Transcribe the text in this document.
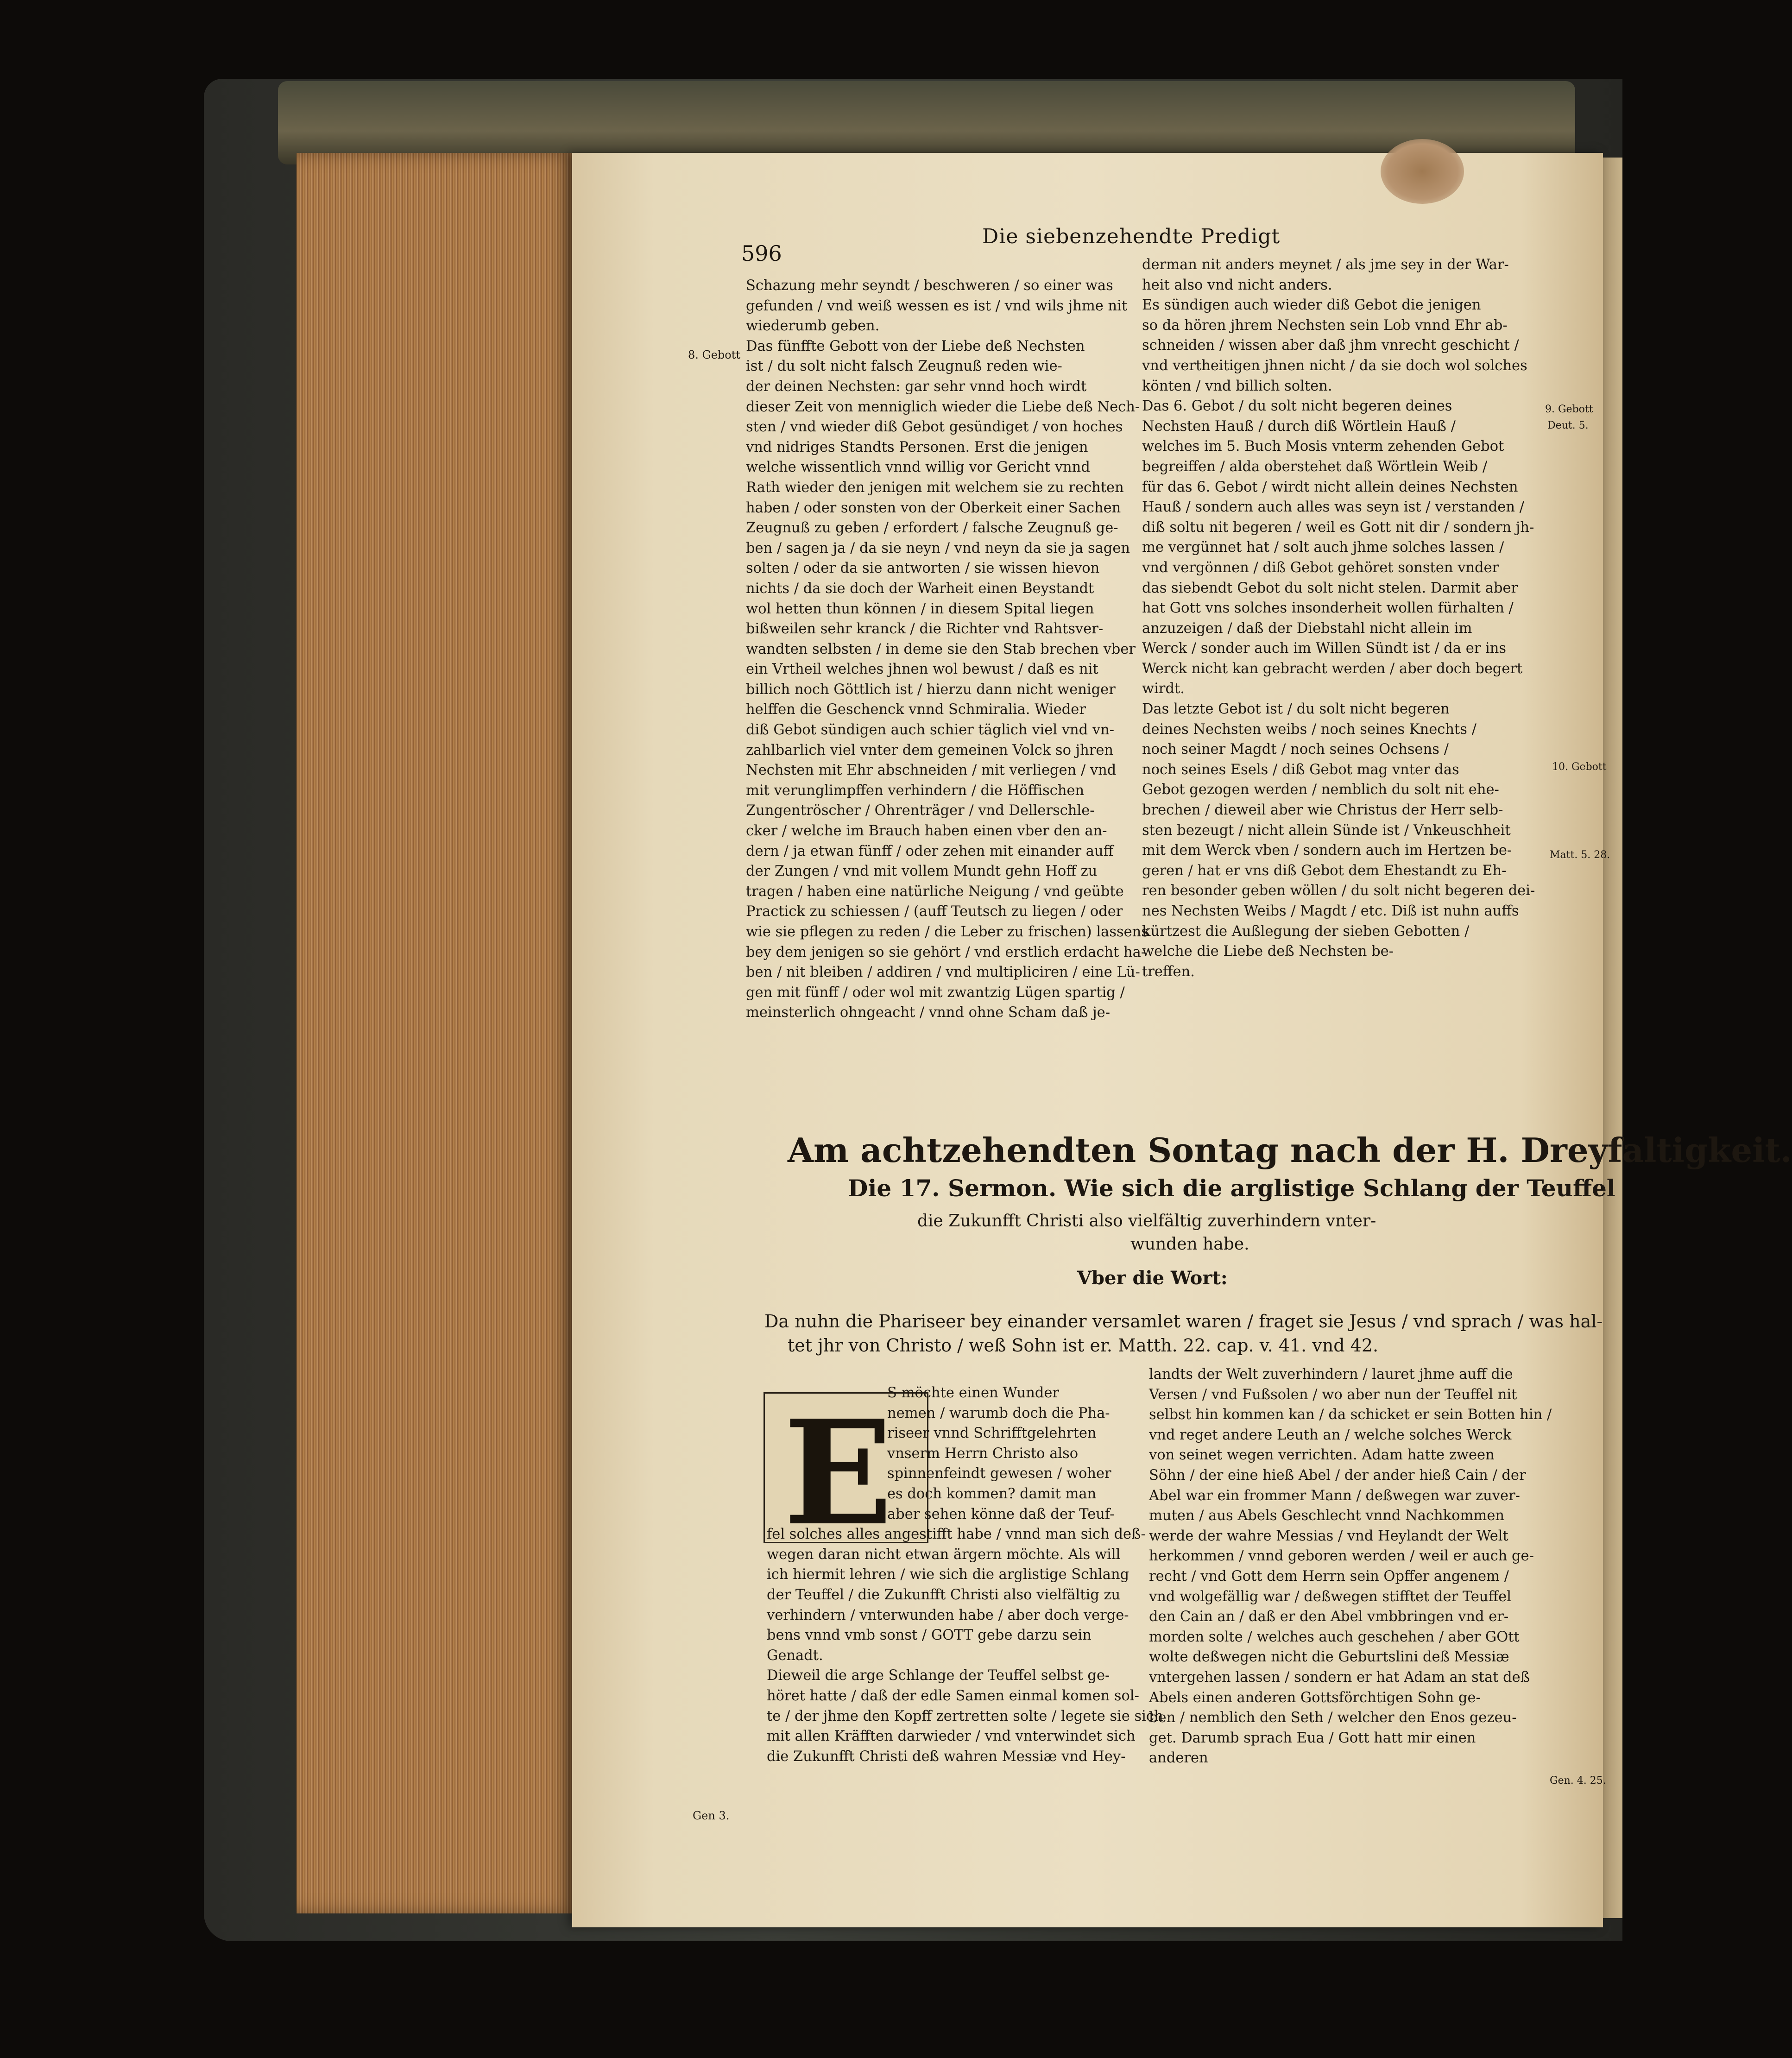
596
Die siebenzehendte Predigt
8. Gebott
Gen 3.
9. Gebott
Deut. 5.
10. Gebott
Matt. 5. 28.
Gen. 4. 25.
Schazung mehr seyndt / beschweren / so einer was
gefunden / vnd weiß wessen es ist / vnd wils jhme nit
wiederumb geben.
Das fünffte Gebott von der Liebe deß Nechsten
ist / du solt nicht falsch Zeugnuß reden wie-
der deinen Nechsten: gar sehr vnnd hoch wirdt
dieser Zeit von menniglich wieder die Liebe deß Nech-
sten / vnd wieder diß Gebot gesündiget / von hoches
vnd nidriges Standts Personen. Erst die jenigen
welche wissentlich vnnd willig vor Gericht vnnd
Rath wieder den jenigen mit welchem sie zu rechten
haben / oder sonsten von der Oberkeit einer Sachen
Zeugnuß zu geben / erfordert / falsche Zeugnuß ge-
ben / sagen ja / da sie neyn / vnd neyn da sie ja sagen
solten / oder da sie antworten / sie wissen hievon
nichts / da sie doch der Warheit einen Beystandt
wol hetten thun können / in diesem Spital liegen
bißweilen sehr kranck / die Richter vnd Rahtsver-
wandten selbsten / in deme sie den Stab brechen vber
ein Vrtheil welches jhnen wol bewust / daß es nit
billich noch Göttlich ist / hierzu dann nicht weniger
helffen die Geschenck vnnd Schmiralia. Wieder
diß Gebot sündigen auch schier täglich viel vnd vn-
zahlbarlich viel vnter dem gemeinen Volck so jhren
Nechsten mit Ehr abschneiden / mit verliegen / vnd
mit verunglimpffen verhindern / die Höffischen
Zungentröscher / Ohrenträger / vnd Dellerschle-
cker / welche im Brauch haben einen vber den an-
dern / ja etwan fünff / oder zehen mit einander auff
der Zungen / vnd mit vollem Mundt gehn Hoff zu
tragen / haben eine natürliche Neigung / vnd geübte
Practick zu schiessen / (auff Teutsch zu liegen / oder
wie sie pflegen zu reden / die Leber zu frischen) lassens
bey dem jenigen so sie gehört / vnd erstlich erdacht ha-
ben / nit bleiben / addiren / vnd multipliciren / eine Lü-
gen mit fünff / oder wol mit zwantzig Lügen spartig /
meinsterlich ohngeacht / vnnd ohne Scham daß je-
derman nit anders meynet / als jme sey in der War-
heit also vnd nicht anders.
Es sündigen auch wieder diß Gebot die jenigen
so da hören jhrem Nechsten sein Lob vnnd Ehr ab-
schneiden / wissen aber daß jhm vnrecht geschicht /
vnd vertheitigen jhnen nicht / da sie doch wol solches
könten / vnd billich solten.
Das 6. Gebot / du solt nicht begeren deines
Nechsten Hauß / durch diß Wörtlein Hauß /
welches im 5. Buch Mosis vnterm zehenden Gebot
begreiffen / alda oberstehet daß Wörtlein Weib /
für das 6. Gebot / wirdt nicht allein deines Nechsten
Hauß / sondern auch alles was seyn ist / verstanden /
diß soltu nit begeren / weil es Gott nit dir / sondern jh-
me vergünnet hat / solt auch jhme solches lassen /
vnd vergönnen / diß Gebot gehöret sonsten vnder
das siebendt Gebot du solt nicht stelen. Darmit aber
hat Gott vns solches insonderheit wollen fürhalten /
anzuzeigen / daß der Diebstahl nicht allein im
Werck / sonder auch im Willen Sündt ist / da er ins
Werck nicht kan gebracht werden / aber doch begert
wirdt.
Das letzte Gebot ist / du solt nicht begeren
deines Nechsten weibs / noch seines Knechts /
noch seiner Magdt / noch seines Ochsens /
noch seines Esels / diß Gebot mag vnter das
Gebot gezogen werden / nemblich du solt nit ehe-
brechen / dieweil aber wie Christus der Herr selb-
sten bezeugt / nicht allein Sünde ist / Vnkeuschheit
mit dem Werck vben / sondern auch im Hertzen be-
geren / hat er vns diß Gebot dem Ehestandt zu Eh-
ren besonder geben wöllen / du solt nicht begeren dei-
nes Nechsten Weibs / Magdt / etc. Diß ist nuhn auffs
kürtzest die Außlegung der sieben Gebotten /
welche die Liebe deß Nechsten be-
treffen.
Am achtzehendten Sontag nach der H. Dreyfaltigkeit.
Die 17. Sermon. Wie sich die arglistige Schlang der Teuffel
die Zukunfft Christi also vielfältig zuverhindern vnter-
wunden habe.
Vber die Wort:
Da nuhn die Phariseer bey einander versamlet waren / fraget sie Jesus / vnd sprach / was hal-
tet jhr von Christo / weß Sohn ist er. Matth. 22. cap. v. 41. vnd 42.
E
S möchte einen Wunder
nemen / warumb doch die Pha-
riseer vnnd Schrifftgelehrten
vnserm Herrn Christo also
spinnenfeindt gewesen / woher
es doch kommen? damit man
aber sehen könne daß der Teuf-
fel solches alles angestifft habe / vnnd man sich deß-
wegen daran nicht etwan ärgern möchte. Als will
ich hiermit lehren / wie sich die arglistige Schlang
der Teuffel / die Zukunfft Christi also vielfältig zu
verhindern / vnterwunden habe / aber doch verge-
bens vnnd vmb sonst / GOTT gebe darzu sein
Genadt.
Dieweil die arge Schlange der Teuffel selbst ge-
höret hatte / daß der edle Samen einmal komen sol-
te / der jhme den Kopff zertretten solte / legete sie sich
mit allen Kräfften darwieder / vnd vnterwindet sich
die Zukunfft Christi deß wahren Messiæ vnd Hey-
landts der Welt zuverhindern / lauret jhme auff die
Versen / vnd Fußsolen / wo aber nun der Teuffel nit
selbst hin kommen kan / da schicket er sein Botten hin /
vnd reget andere Leuth an / welche solches Werck
von seinet wegen verrichten. Adam hatte zween
Söhn / der eine hieß Abel / der ander hieß Cain / der
Abel war ein frommer Mann / deßwegen war zuver-
muten / aus Abels Geschlecht vnnd Nachkommen
werde der wahre Messias / vnd Heylandt der Welt
herkommen / vnnd geboren werden / weil er auch ge-
recht / vnd Gott dem Herrn sein Opffer angenem /
vnd wolgefällig war / deßwegen stifftet der Teuffel
den Cain an / daß er den Abel vmbbringen vnd er-
morden solte / welches auch geschehen / aber GOtt
wolte deßwegen nicht die Geburtslini deß Messiæ
vntergehen lassen / sondern er hat Adam an stat deß
Abels einen anderen Gottsförchtigen Sohn ge-
ben / nemblich den Seth / welcher den Enos gezeu-
get. Darumb sprach Eua / Gott hatt mir einen
anderen
